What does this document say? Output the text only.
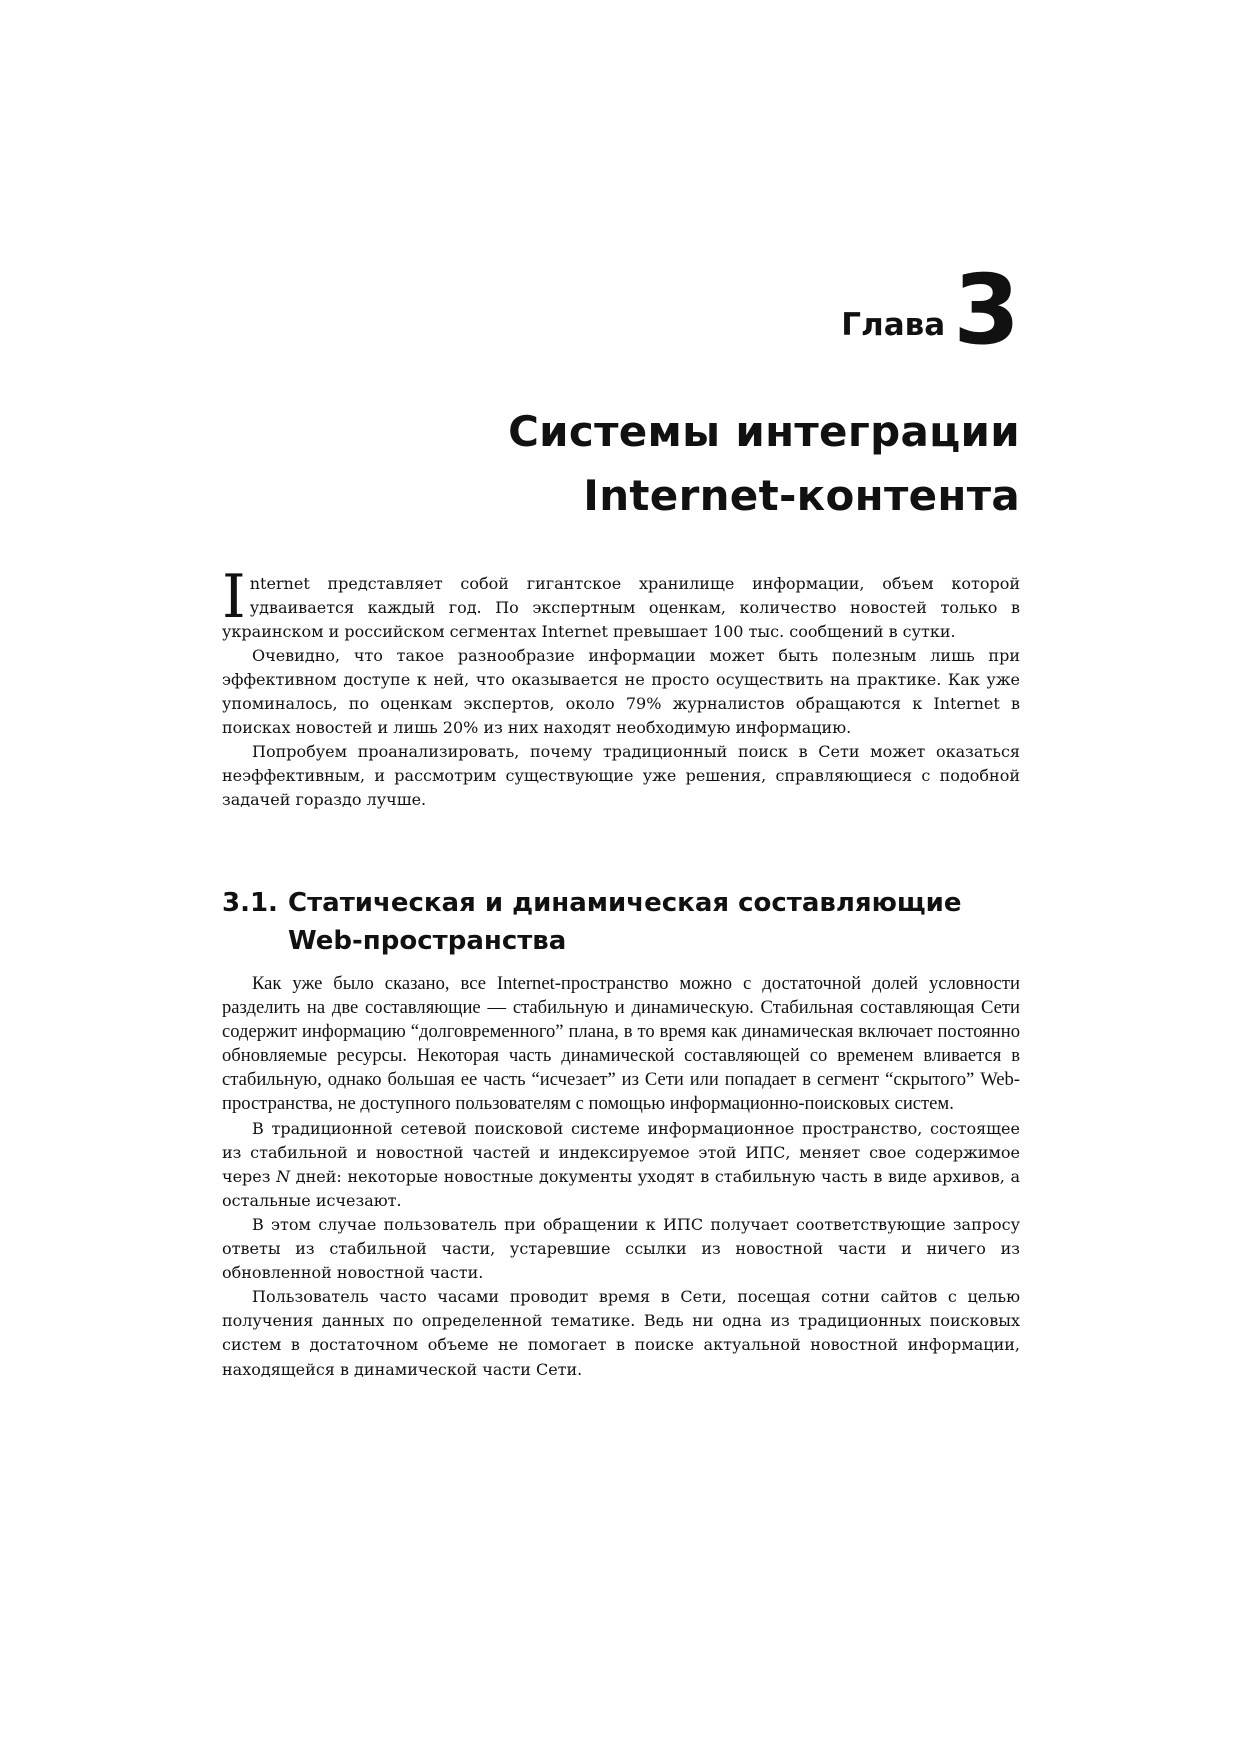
Глава 3
Системы интеграции
Internet-контента

Internet представляет собой гигантское хранилище информации, объем которой удваивается каждый год. По экспертным оценкам, количество новостей только в украинском и российском сегментах Internet превышает 100 тыс. сообщений в сутки.

Очевидно, что такое разнообразие информации может быть полезным лишь при эффективном доступе к ней, что оказывается не просто осуществить на практике. Как уже упоминалось, по оценкам экспертов, около 79% журналистов обращаются к Internet в поисках новостей и лишь 20% из них находят необходимую информацию.

Попробуем проанализировать, почему традиционный поиск в Сети может оказаться неэффективным, и рассмотрим существующие уже решения, справляющиеся с подобной задачей гораздо лучше.

3.1. Статическая и динамическая составляющие
Web-пространства

Как уже было сказано, все Internet-пространство можно с достаточной долей условности разделить на две составляющие — стабильную и динамическую. Стабильная составляющая Сети содержит информацию “долговременного” плана, в то время как динамическая включает постоянно обновляемые ресурсы. Некоторая часть динамической составляющей со временем вливается в стабильную, однако большая ее часть “исчезает” из Сети или попадает в сегмент “скрытого” Web-пространства, не доступного пользователям с помощью информационно-поисковых систем.

В традиционной сетевой поисковой системе информационное пространство, состоящее из стабильной и новостной частей и индексируемое этой ИПС, меняет свое содержимое через N дней: некоторые новостные документы уходят в стабильную часть в виде архивов, а остальные исчезают.

В этом случае пользователь при обращении к ИПС получает соответствующие запросу ответы из стабильной части, устаревшие ссылки из новостной части и ничего из обновленной новостной части.

Пользователь часто часами проводит время в Сети, посещая сотни сайтов с целью получения данных по определенной тематике. Ведь ни одна из традиционных поисковых систем в достаточном объеме не помогает в поиске актуальной новостной информации, находящейся в динамической части Сети.
